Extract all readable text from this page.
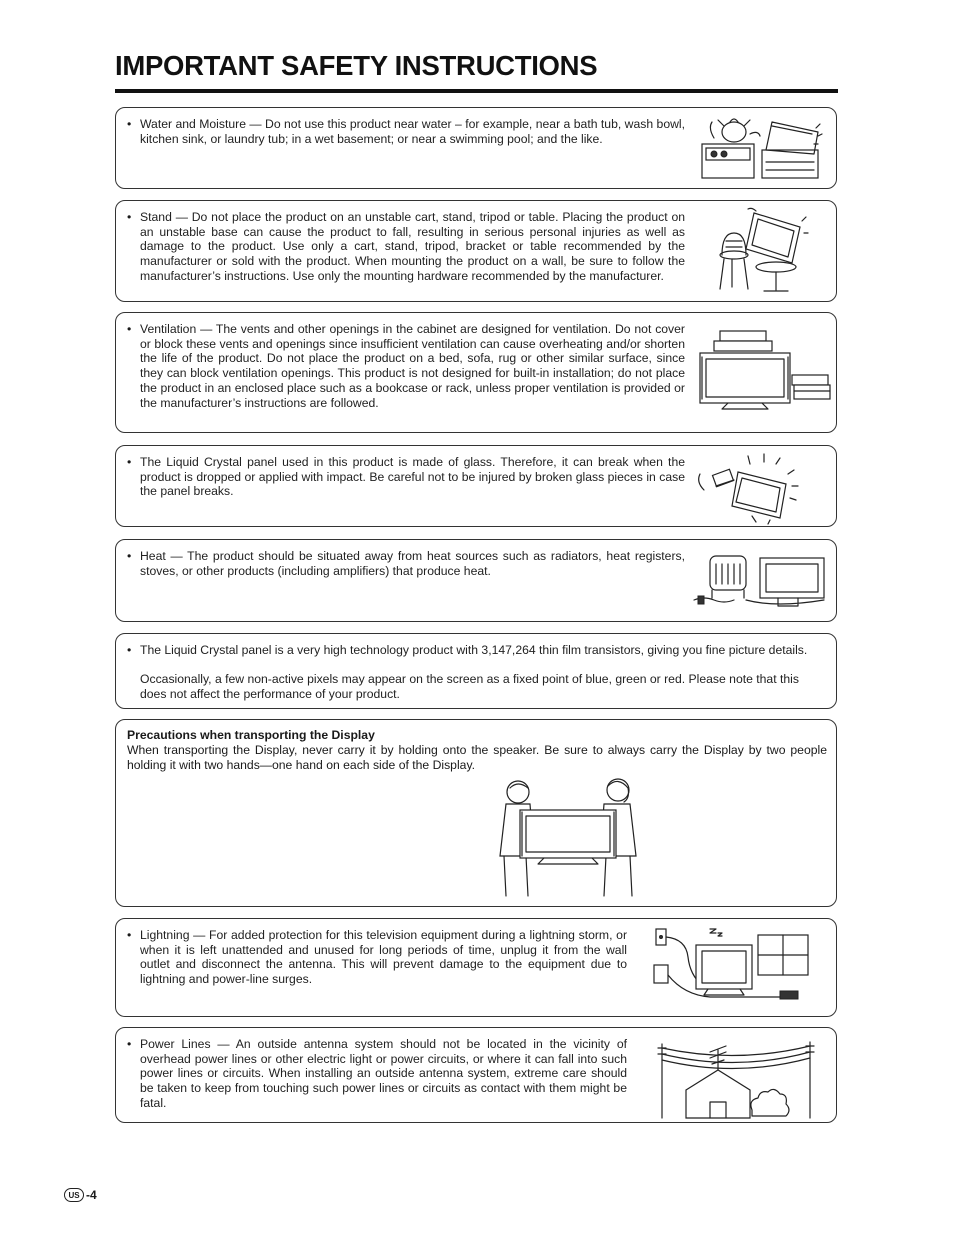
IMPORTANT SAFETY INSTRUCTIONS
• Water and Moisture — Do not use this product near water – for example, near a bath tub, wash bowl, kitchen sink, or laundry tub; in a wet basement; or near a swimming pool; and the like.

• Stand — Do not place the product on an unstable cart, stand, tripod or table. Placing the product on an unstable base can cause the product to fall, resulting in serious personal injuries as well as damage to the product. Use only a cart, stand, tripod, bracket or table recommended by the manufacturer or sold with the product. When mounting the product on a wall, be sure to follow the manufacturer’s instructions. Use only the mounting hardware recommended by the manufacturer.

• Ventilation — The vents and other openings in the cabinet are designed for ventilation. Do not cover or block these vents and openings since insufficient ventilation can cause overheating and/or shorten the life of the product. Do not place the product on a bed, sofa, rug or other similar surface, since they can block ventilation openings. This product is not designed for built-in installation; do not place the product in an enclosed place such as a bookcase or rack, unless proper ventilation is provided or the manufacturer’s instructions are followed.

• The Liquid Crystal panel used in this product is made of glass. Therefore, it can break when the product is dropped or applied with impact. Be careful not to be injured by broken glass pieces in case the panel breaks.

• Heat — The product should be situated away from heat sources such as radiators, heat registers, stoves, or other products (including amplifiers) that produce heat.

• The Liquid Crystal panel is a very high technology product with 3,147,264 thin film transistors, giving you fine picture details.

Occasionally, a few non-active pixels may appear on the screen as a fixed point of blue, green or red. Please note that this does not affect the performance of your product.

Precautions when transporting the Display

When transporting the Display, never carry it by holding onto the speaker. Be sure to always carry the Display by two people holding it with two hands—one hand on each side of the Display.

• Lightning — For added protection for this television equipment during a lightning storm, or when it is left unattended and unused for long periods of time, unplug it from the wall outlet and disconnect the antenna. This will prevent damage to the equipment due to lightning and power-line surges.

• Power Lines — An outside antenna system should not be located in the vicinity of overhead power lines or other electric light or power circuits, or where it can fall into such power lines or circuits. When installing an outside antenna system, extreme care should be taken to keep from touching such power lines or circuits as contact with them might be fatal.

US -4
